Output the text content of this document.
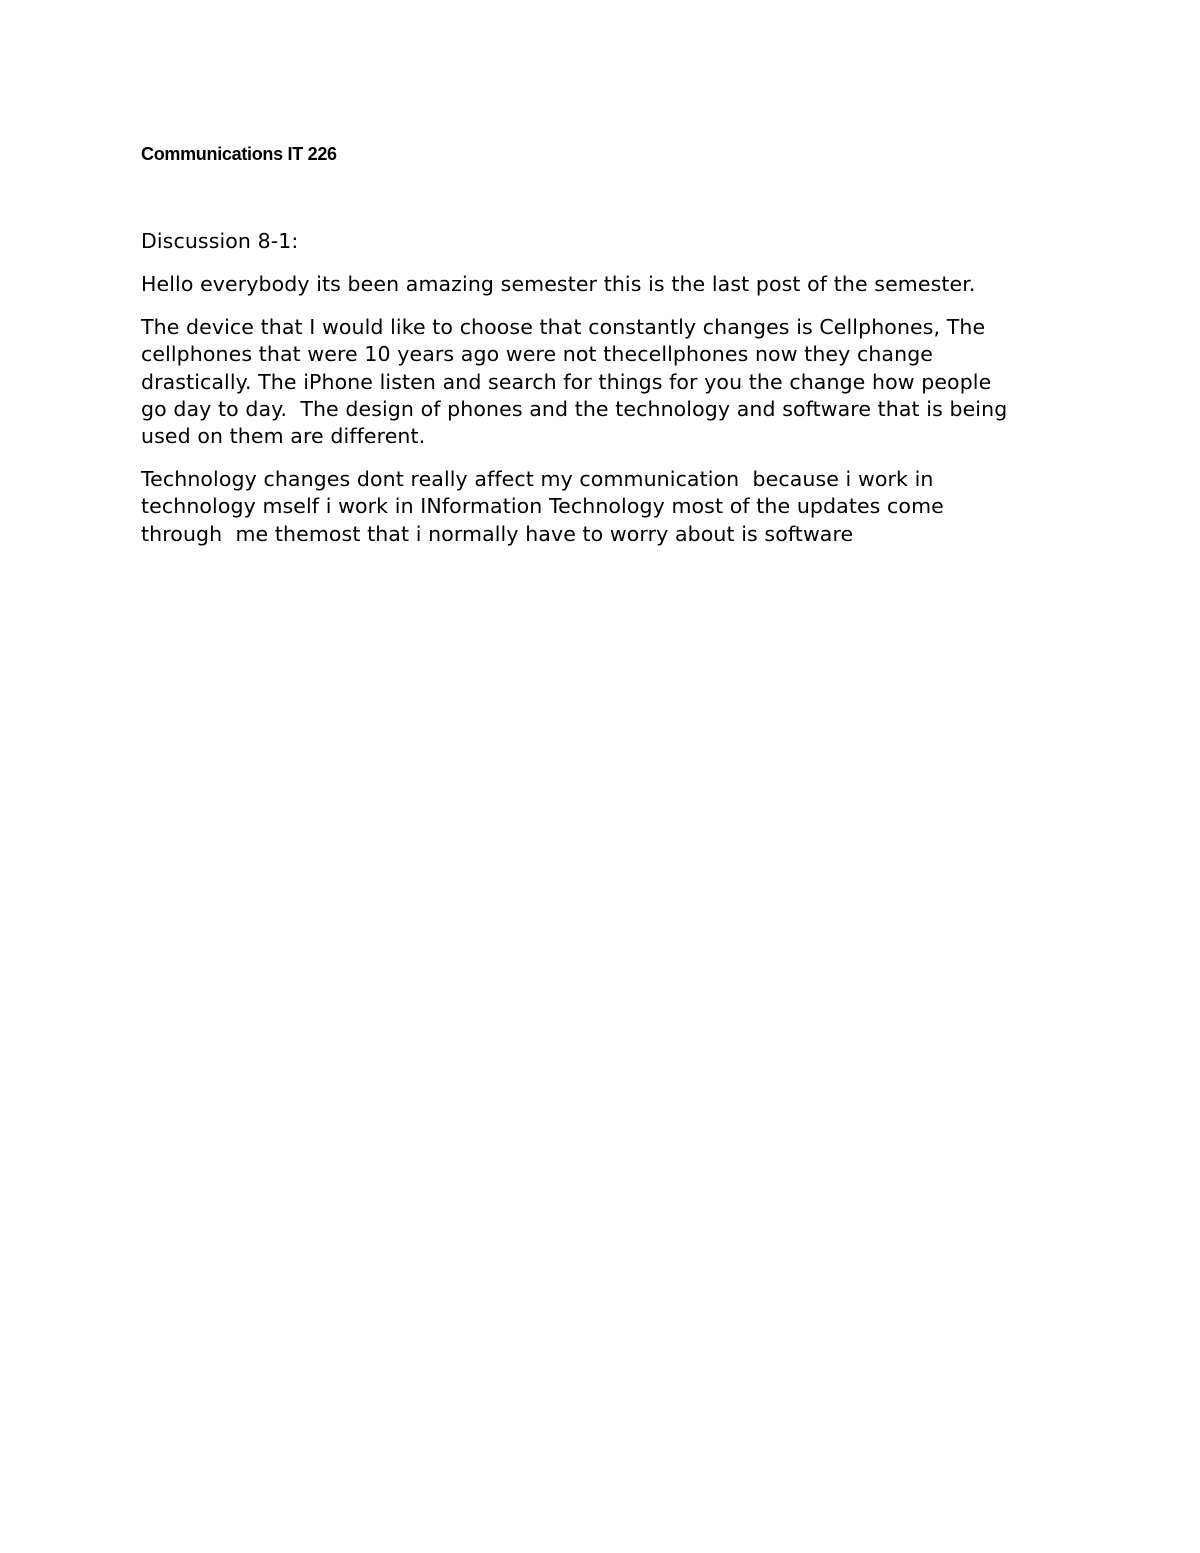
Communications IT 226

Discussion 8-1:

Hello everybody its been amazing semester this is the last post of the semester.

The device that I would like to choose that constantly changes is Cellphones, The
cellphones that were 10 years ago were not thecellphones now they change
drastically. The iPhone listen and search for things for you the change how people
go day to day.  The design of phones and the technology and software that is being
used on them are different.

Technology changes dont really affect my communication  because i work in
technology mself i work in INformation Technology most of the updates come
through  me themost that i normally have to worry about is software
